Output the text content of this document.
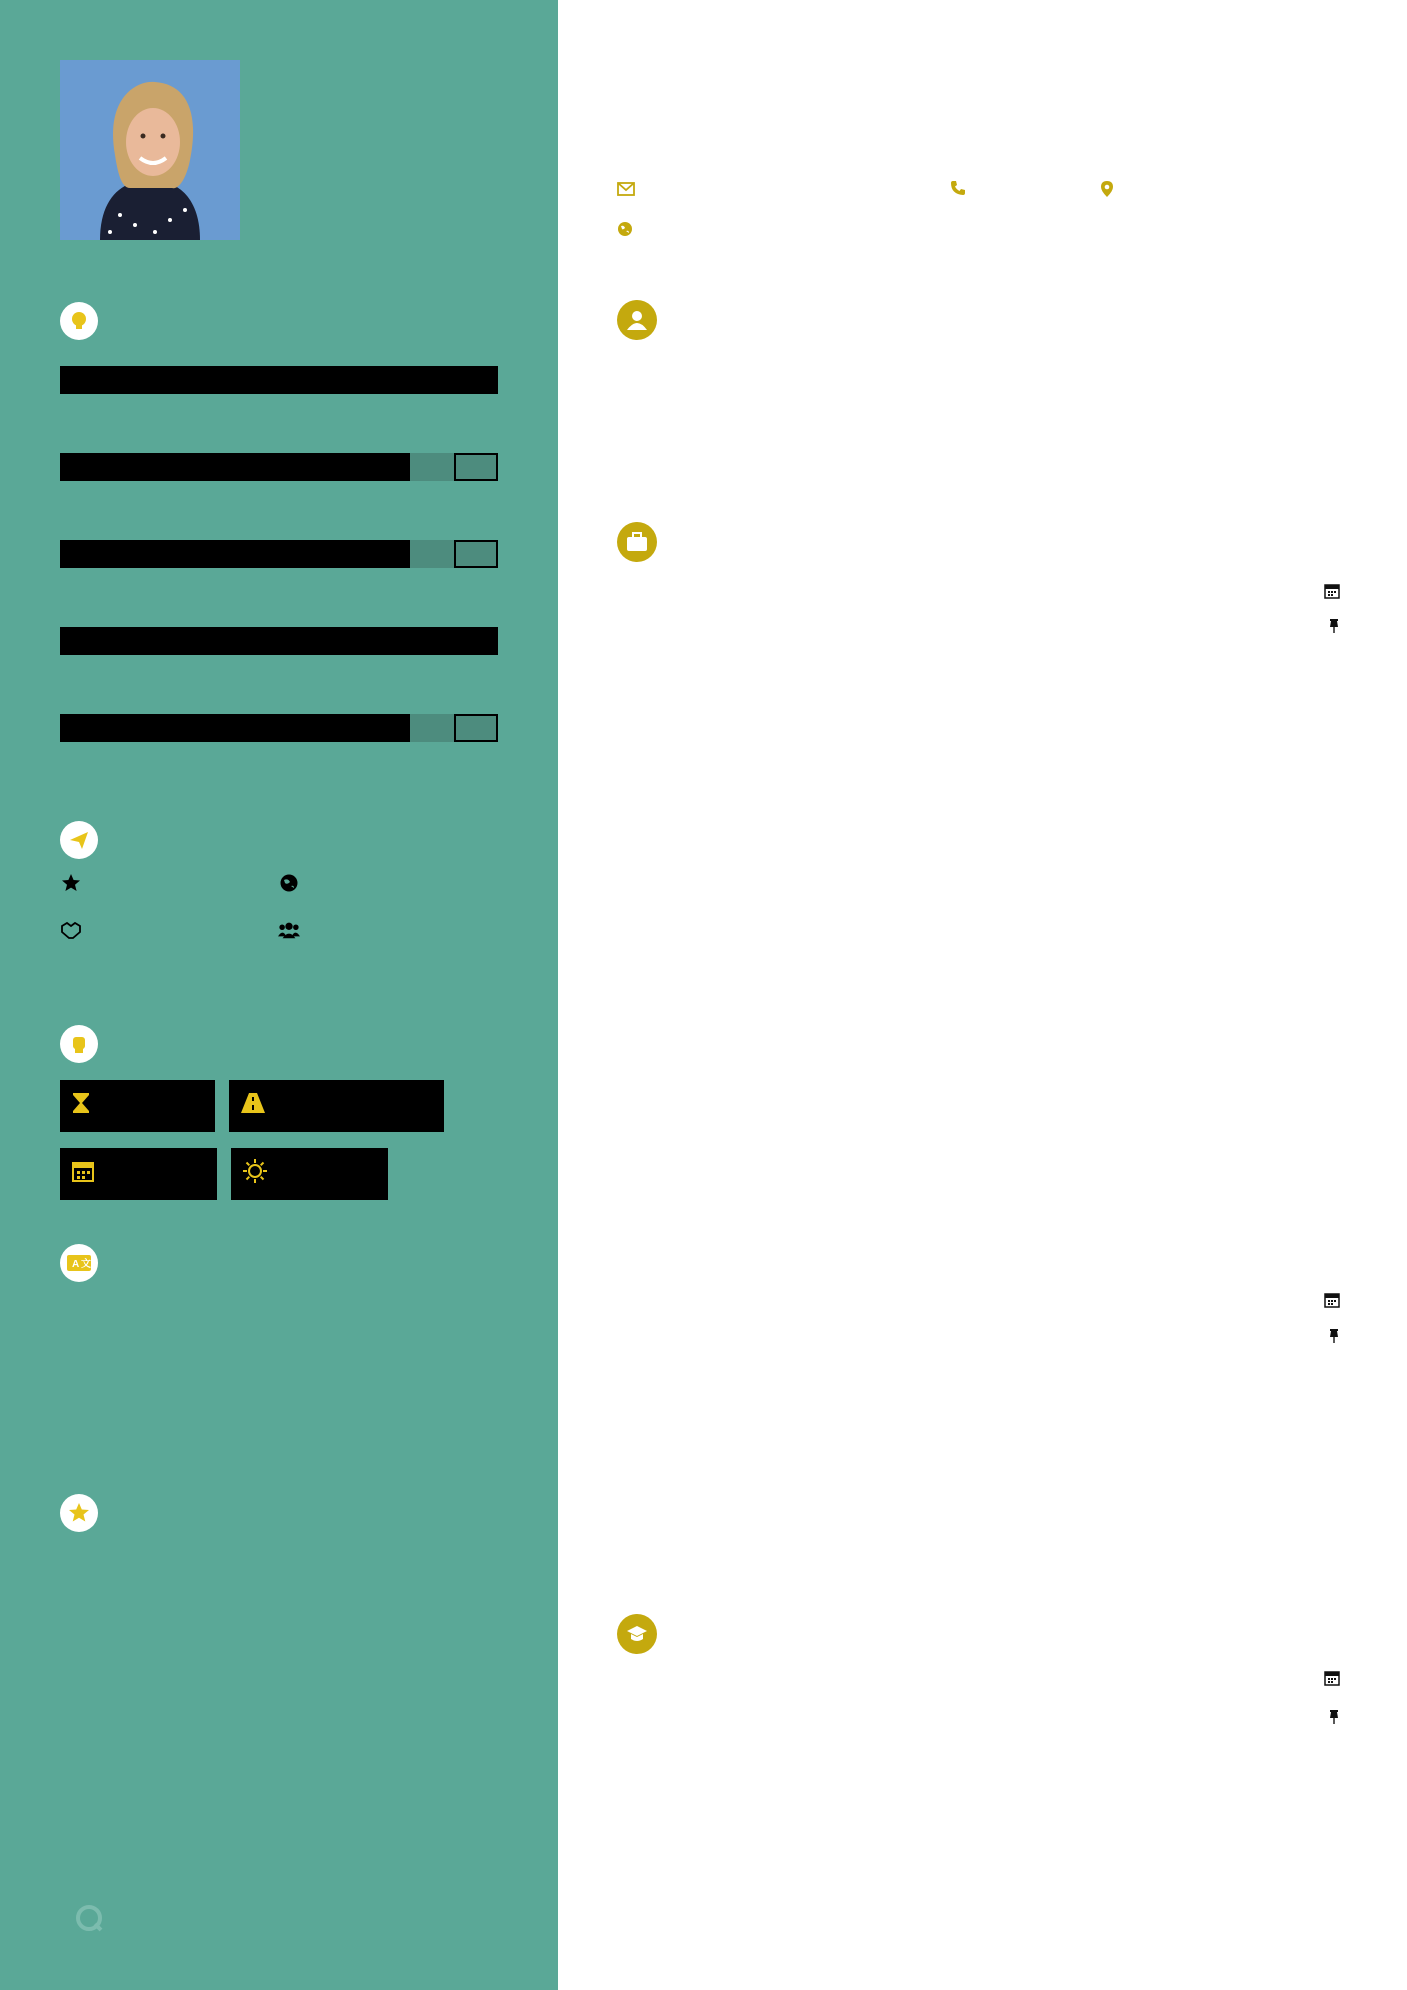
A 文
